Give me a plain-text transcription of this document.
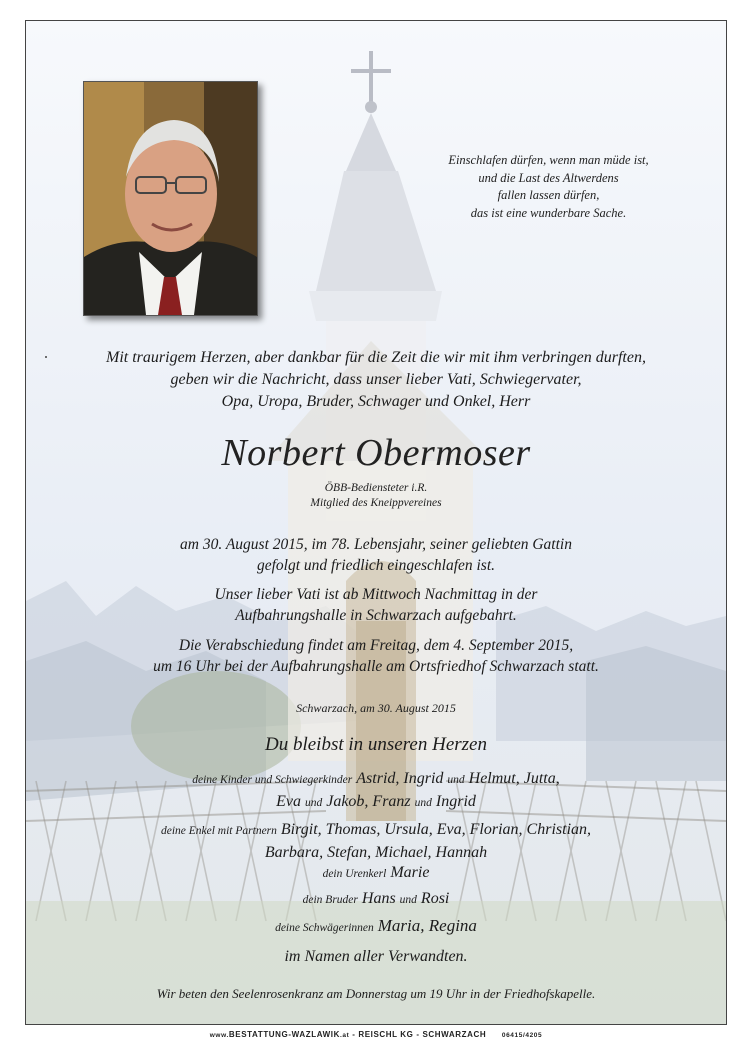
Einschlafen dürfen, wenn man müde ist,
und die Last des Altwerdens
fallen lassen dürfen,
das ist eine wunderbare Sache.
Mit traurigem Herzen, aber dankbar für die Zeit die wir mit ihm verbringen durften,
geben wir die Nachricht, dass unser lieber Vati, Schwiegervater,
Opa, Uropa, Bruder, Schwager und Onkel, Herr
Norbert Obermoser
ÖBB-Bediensteter i.R.
Mitglied des Kneippvereines
am 30. August 2015, im 78. Lebensjahr, seiner geliebten Gattin
gefolgt und friedlich eingeschlafen ist.
Unser lieber Vati ist ab Mittwoch Nachmittag in der
Aufbahrungshalle in Schwarzach aufgebahrt.
Die Verabschiedung findet am Freitag, dem 4. September 2015,
um 16 Uhr bei der Aufbahrungshalle am Ortsfriedhof Schwarzach statt.
Schwarzach, am 30. August 2015
Du bleibst in unseren Herzen
deine Kinder und Schwiegerkinder Astrid, Ingrid und Helmut, Jutta,
Eva und Jakob, Franz und Ingrid
deine Enkel mit Partnern Birgit, Thomas, Ursula, Eva, Florian, Christian,
Barbara, Stefan, Michael, Hannah
dein Urenkerl Marie
dein Bruder Hans und Rosi
deine Schwägerinnen Maria, Regina
im Namen aller Verwandten.
Wir beten den Seelenrosenkranz am Donnerstag um 19 Uhr in der Friedhofskapelle.
www.BESTATTUNG-WAZLAWIK.at - REISCHL KG - SCHWARZACH 06415/4205
